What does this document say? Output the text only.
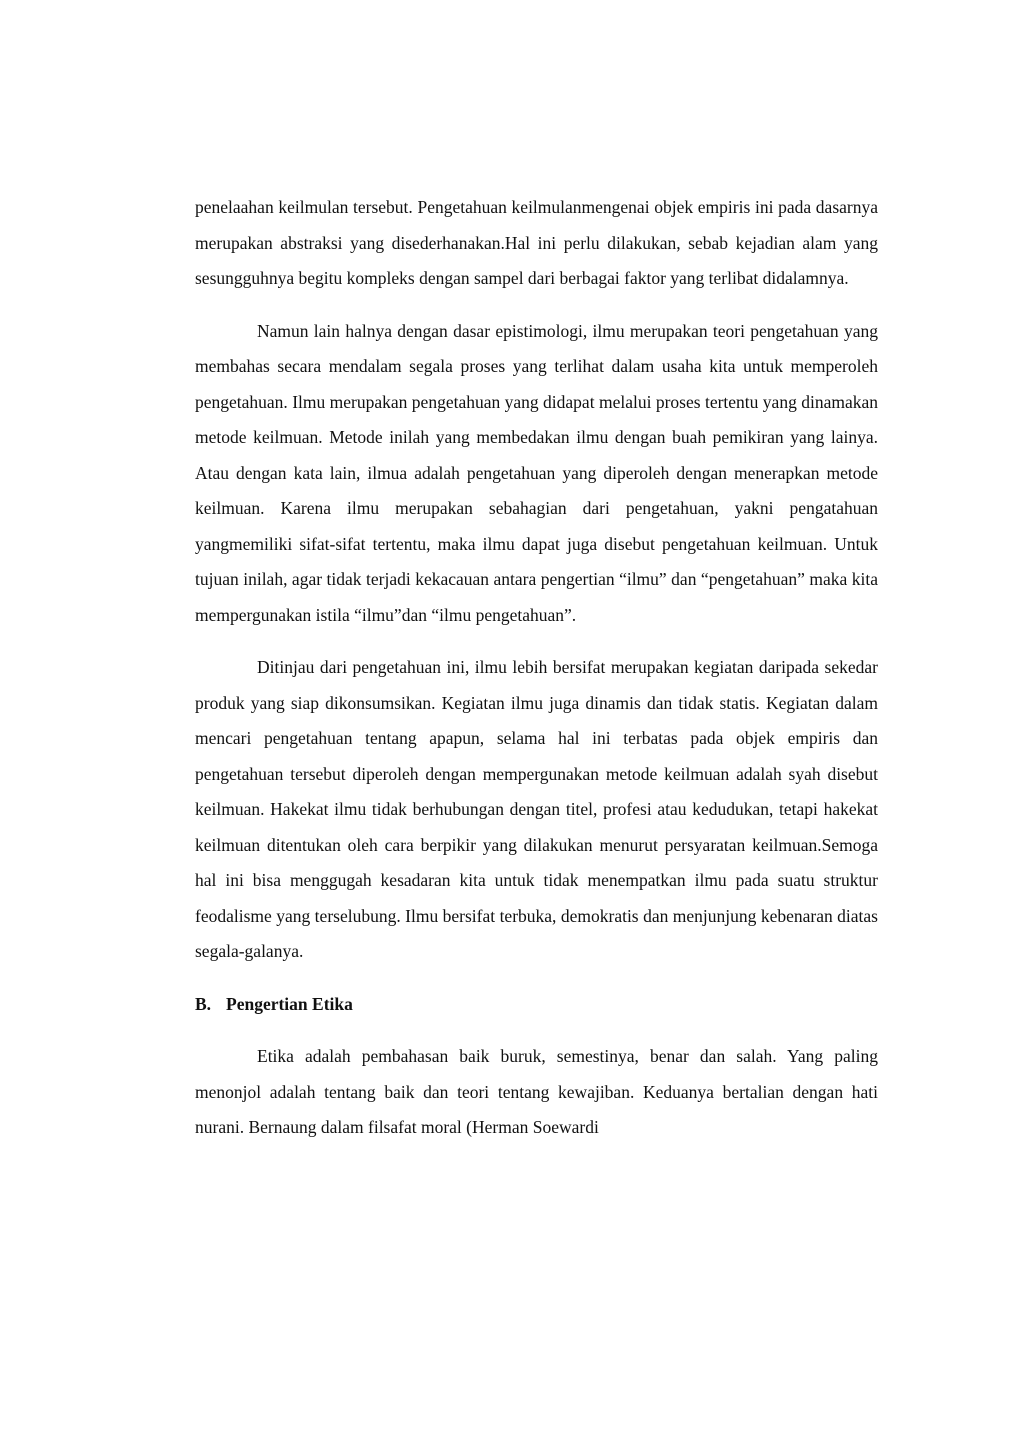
penelaahan keilmulan tersebut. Pengetahuan keilmulanmengenai objek empiris ini pada dasarnya merupakan abstraksi yang disederhanakan.Hal ini perlu dilakukan, sebab kejadian alam yang sesungguhnya begitu kompleks dengan sampel dari berbagai faktor yang terlibat didalamnya.

Namun lain halnya dengan dasar epistimologi, ilmu merupakan teori pengetahuan yang membahas secara mendalam segala proses yang terlihat dalam usaha kita untuk memperoleh pengetahuan. Ilmu merupakan pengetahuan yang didapat melalui proses tertentu yang dinamakan metode keilmuan. Metode inilah yang membedakan ilmu dengan buah pemikiran yang lainya. Atau dengan kata lain, ilmua adalah pengetahuan yang diperoleh dengan menerapkan metode keilmuan. Karena ilmu merupakan sebahagian dari pengetahuan, yakni pengatahuan yangmemiliki sifat-sifat tertentu, maka ilmu dapat juga disebut pengetahuan keilmuan. Untuk tujuan inilah, agar tidak terjadi kekacauan antara pengertian “ilmu” dan “pengetahuan” maka kita mempergunakan istila “ilmu”dan “ilmu pengetahuan”.

Ditinjau dari pengetahuan ini, ilmu lebih bersifat merupakan kegiatan daripada sekedar produk yang siap dikonsumsikan. Kegiatan ilmu juga dinamis dan tidak statis. Kegiatan dalam mencari pengetahuan tentang apapun, selama hal ini terbatas pada objek empiris dan pengetahuan tersebut diperoleh dengan mempergunakan metode keilmuan adalah syah disebut keilmuan. Hakekat ilmu tidak berhubungan dengan titel, profesi atau kedudukan, tetapi hakekat keilmuan ditentukan oleh cara berpikir yang dilakukan menurut persyaratan keilmuan.Semoga hal ini bisa menggugah kesadaran kita untuk tidak menempatkan ilmu pada suatu struktur feodalisme yang terselubung. Ilmu bersifat terbuka, demokratis dan menjunjung kebenaran diatas segala-galanya.

B. Pengertian Etika

Etika adalah pembahasan baik buruk, semestinya, benar dan salah. Yang paling menonjol adalah tentang baik dan teori tentang kewajiban. Keduanya bertalian dengan hati nurani. Bernaung dalam filsafat moral (Herman Soewardi
